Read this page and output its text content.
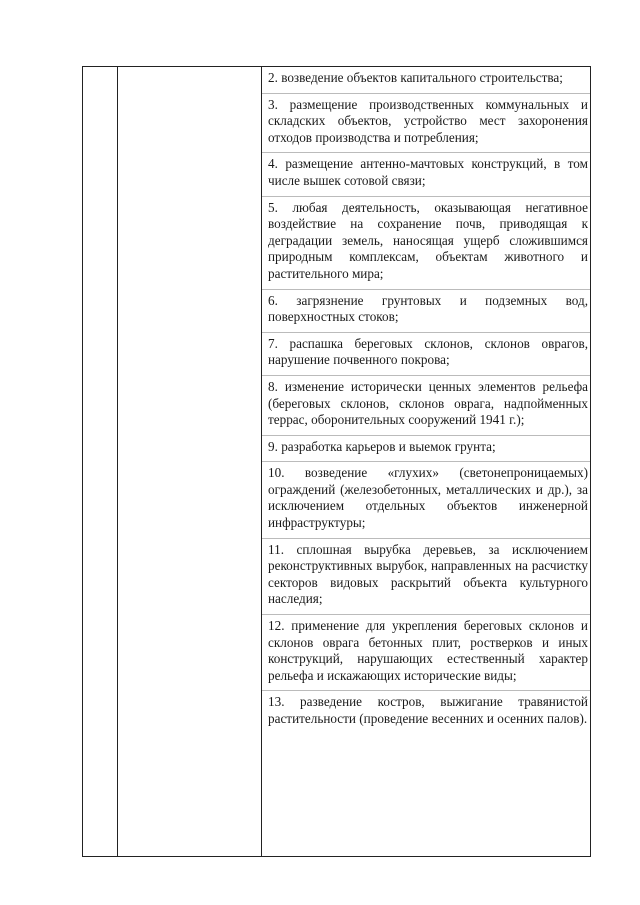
2. возведение объектов капитального строительства;
3. размещение производственных коммунальных и складских объектов, устройство мест захоронения отходов производства и потребления;
4. размещение антенно-мачтовых конструкций, в том числе вышек сотовой связи;
5. любая деятельность, оказывающая негативное воздействие на сохранение почв, приводящая к деградации земель, наносящая ущерб сложившимся природным комплексам, объектам животного и растительного мира;
6. загрязнение грунтовых и подземных вод, поверхностных стоков;
7. распашка береговых склонов, склонов оврагов, нарушение почвенного покрова;
8. изменение исторически ценных элементов рельефа (береговых склонов, склонов оврага, надпойменных террас, оборонительных сооружений 1941 г.);
9. разработка карьеров и выемок грунта;
10. возведение «глухих» (светонепроницаемых) ограждений (железобетонных, металлических и др.), за исключением отдельных объектов инженерной инфраструктуры;
11. сплошная вырубка деревьев, за исключением реконструктивных вырубок, направленных на расчистку секторов видовых раскрытий объекта культурного наследия;
12. применение для укрепления береговых склонов и склонов оврага бетонных плит, ростверков и иных конструкций, нарушающих естественный характер рельефа и искажающих исторические виды;
13. разведение костров, выжигание травянистой растительности (проведение весенних и осенних палов).
